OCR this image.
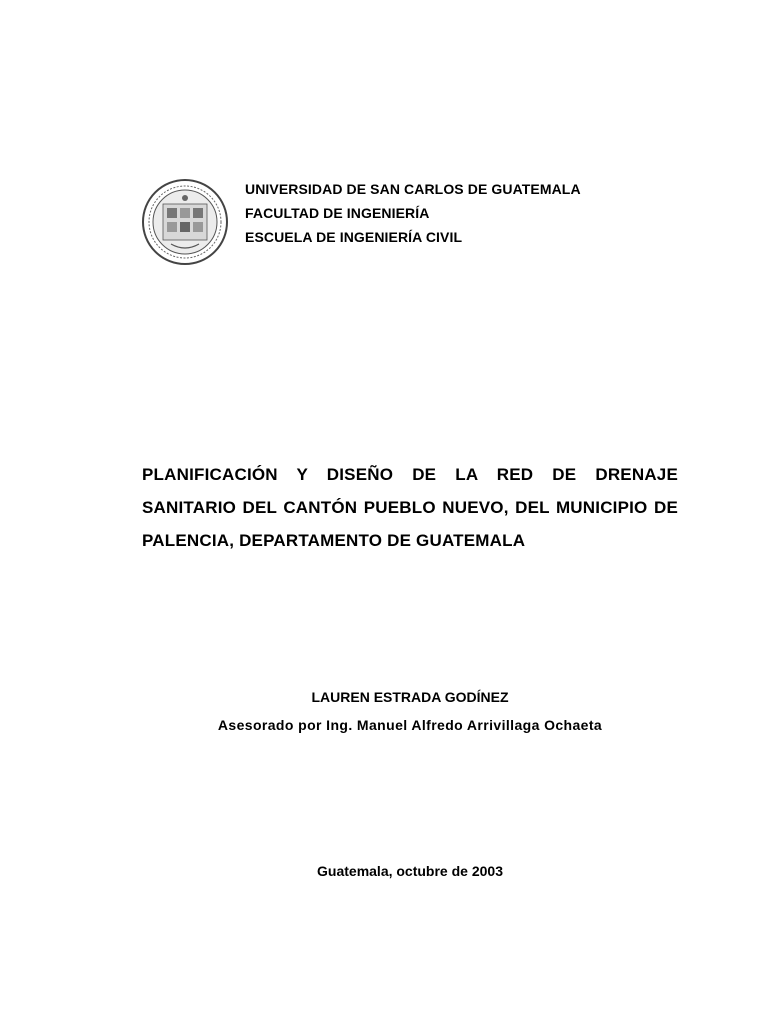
UNIVERSIDAD DE SAN CARLOS DE GUATEMALA
FACULTAD DE INGENIERÍA
ESCUELA DE INGENIERÍA CIVIL
PLANIFICACIÓN Y DISEÑO DE LA RED DE DRENAJE
SANITARIO DEL CANTÓN PUEBLO NUEVO, DEL MUNICIPIO DE
PALENCIA, DEPARTAMENTO DE GUATEMALA
LAUREN ESTRADA GODÍNEZ
Asesorado por Ing. Manuel Alfredo Arrivillaga Ochaeta
Guatemala, octubre de 2003
